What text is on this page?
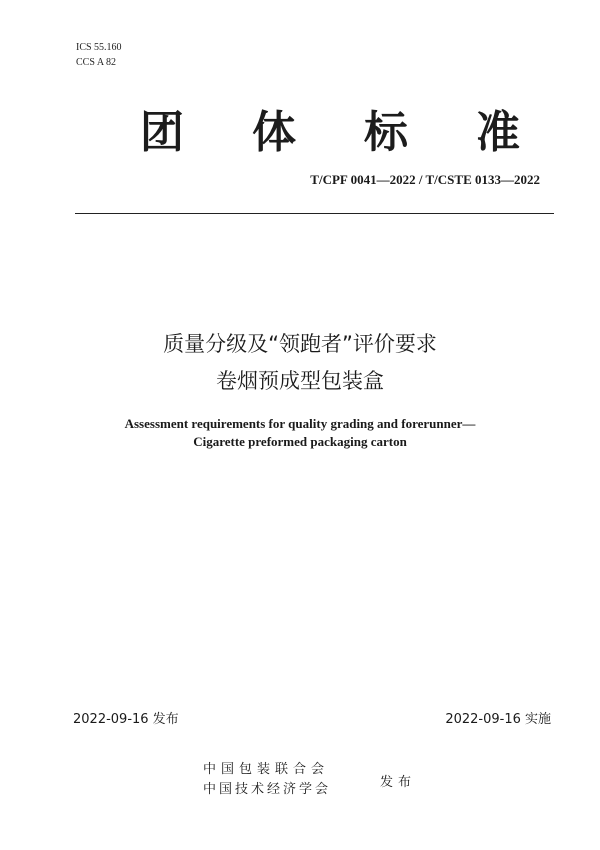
ICS 55.160
CCS A 82
团 体 标 准
T/CPF 0041—2022 / T/CSTE 0133—2022
质量分级及“领跑者”评价要求
卷烟预成型包装盒
Assessment requirements for quality grading and forerunner—
Cigarette preformed packaging carton
2022-09-16 发布	2022-09-16 实施
中国包装联合会
中国技术经济学会	发布
